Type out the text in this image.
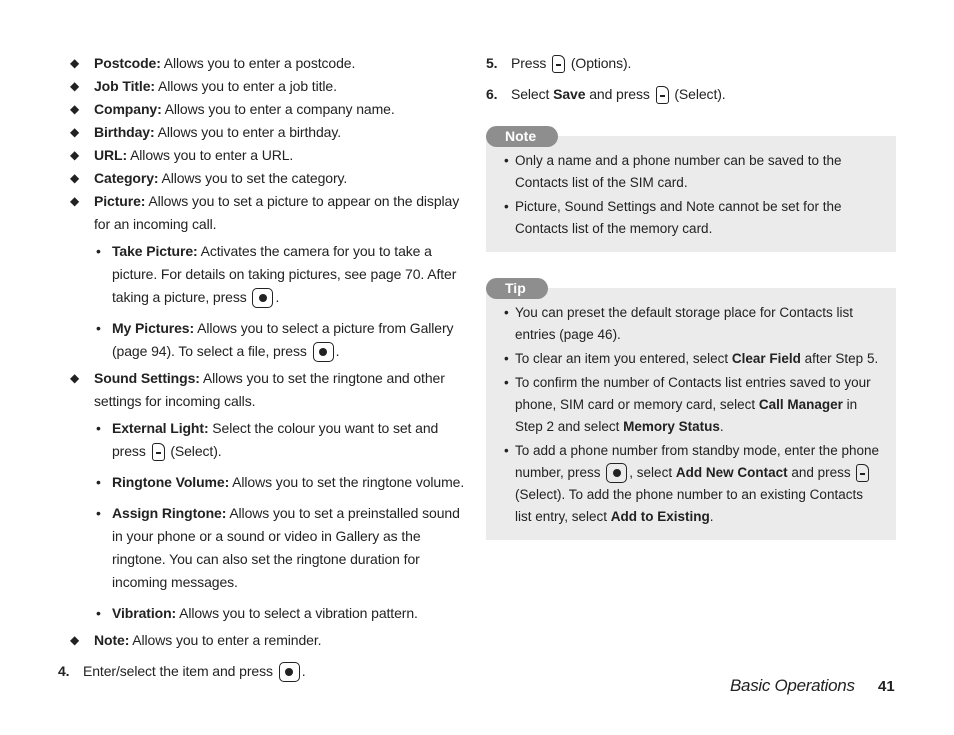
◆ Postcode: Allows you to enter a postcode.
◆ Job Title: Allows you to enter a job title.
◆ Company: Allows you to enter a company name.
◆ Birthday: Allows you to enter a birthday.
◆ URL: Allows you to enter a URL.
◆ Category: Allows you to set the category.
◆ Picture: Allows you to set a picture to appear on the display for an incoming call.
• Take Picture: Activates the camera for you to take a picture. For details on taking pictures, see page 70. After taking a picture, press .
• My Pictures: Allows you to select a picture from Gallery (page 94). To select a file, press .
◆ Sound Settings: Allows you to set the ringtone and other settings for incoming calls.
• External Light: Select the colour you want to set and press  (Select).
• Ringtone Volume: Allows you to set the ringtone volume.
• Assign Ringtone: Allows you to set a preinstalled sound in your phone or a sound or video in Gallery as the ringtone. You can also set the ringtone duration for incoming messages.
• Vibration: Allows you to select a vibration pattern.
◆ Note: Allows you to enter a reminder.
4. Enter/select the item and press .
5. Press  (Options).
6. Select Save and press  (Select).
Note
• Only a name and a phone number can be saved to the Contacts list of the SIM card.
• Picture, Sound Settings and Note cannot be set for the Contacts list of the memory card.
Tip
• You can preset the default storage place for Contacts list entries (page 46).
• To clear an item you entered, select Clear Field after Step 5.
• To confirm the number of Contacts list entries saved to your phone, SIM card or memory card, select Call Manager in Step 2 and select Memory Status.
• To add a phone number from standby mode, enter the phone number, press , select Add New Contact and press  (Select). To add the phone number to an existing Contacts list entry, select Add to Existing.
Basic Operations 41
